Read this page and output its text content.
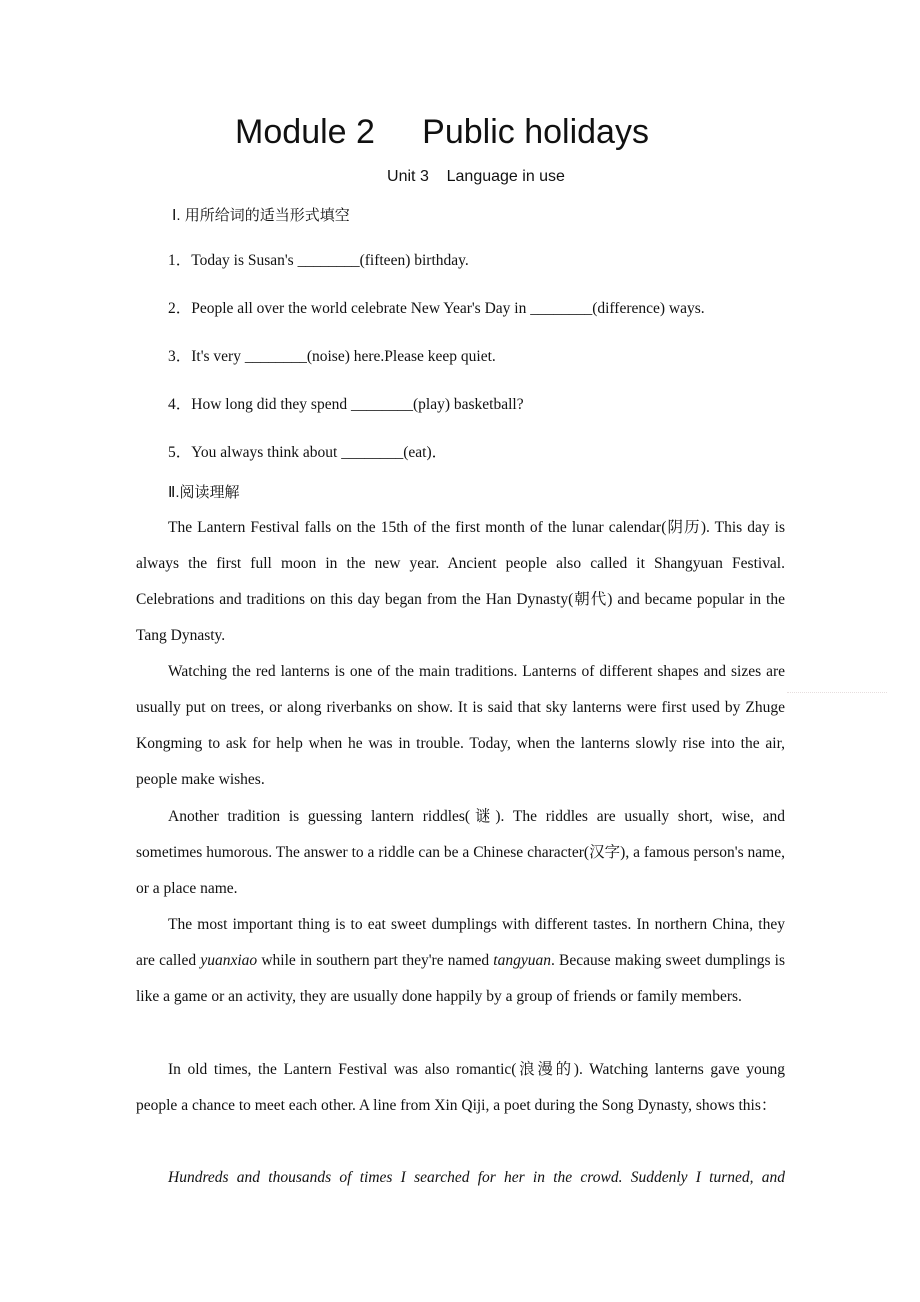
Module 2     Public holidays
Unit 3    Language in use
Ⅰ. 用所给词的适当形式填空
1．Today is Susan's ________(fifteen) birthday.
2．People all over the world celebrate New Year's Day in ________(difference) ways.
3．It's very ________(noise) here.Please keep quiet.
4．How long did they spend ________(play) basketball?
5．You always think about ________(eat)．
Ⅱ.阅读理解
The Lantern Festival falls on the 15th of the first month of the lunar calendar(阴历). This day is always the first full moon in the new year. Ancient people also called it Shangyuan Festival. Celebrations and traditions on this day began from the Han Dynasty(朝代) and became popular in the Tang Dynasty.
Watching the red lanterns is one of the main traditions. Lanterns of different shapes and sizes are usually put on trees, or along riverbanks on show. It is said that sky lanterns were first used by Zhuge Kongming to ask for help when he was in trouble. Today, when the lanterns slowly rise into the air, people make wishes.
Another tradition is guessing lantern riddles(谜). The riddles are usually short, wise, and sometimes humorous. The answer to a riddle can be a Chinese character(汉字), a famous person's name, or a place name.
The most important thing is to eat sweet dumplings with different tastes. In northern China, they are called yuanxiao while in southern part they're named tangyuan. Because making sweet dumplings is like a game or an activity, they are usually done happily by a group of friends or family members.
In old times, the Lantern Festival was also romantic(浪漫的). Watching lanterns gave young people a chance to meet each other. A line from Xin Qiji, a poet during the Song Dynasty, shows this：
Hundreds and thousands of times I searched for her in the crowd. Suddenly I turned, and
